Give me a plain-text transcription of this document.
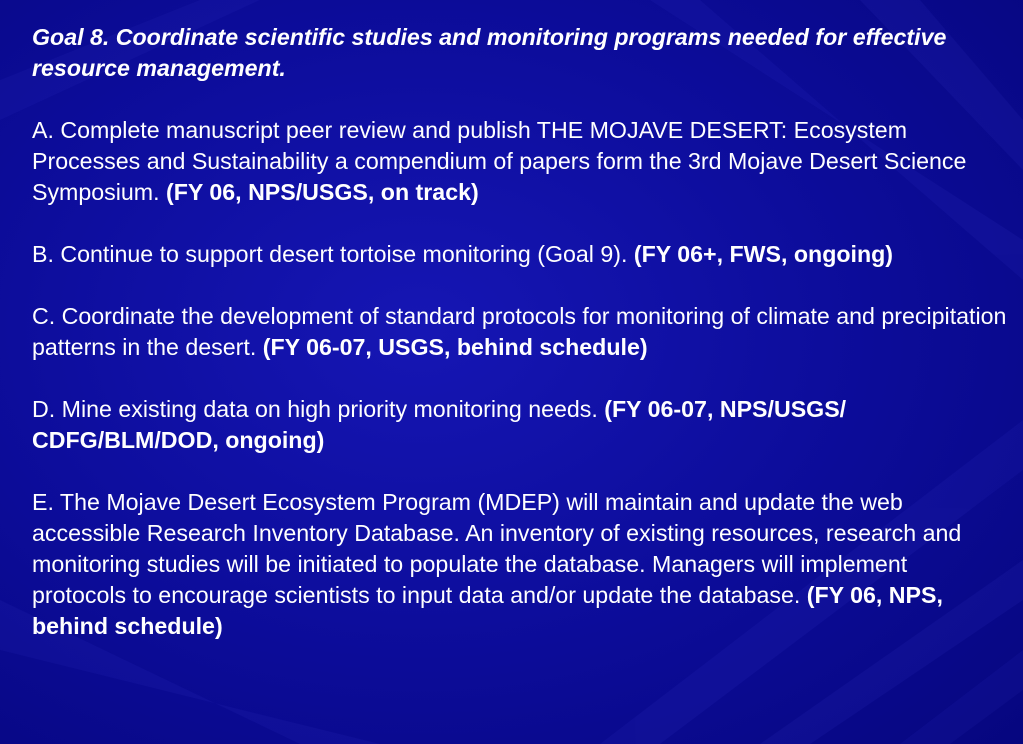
Goal 8. Coordinate scientific studies and monitoring programs needed for effective resource management.

A. Complete manuscript peer review and publish THE MOJAVE DESERT: Ecosystem Processes and Sustainability a compendium of papers form the 3rd Mojave Desert Science Symposium. (FY 06, NPS/USGS, on track)

B. Continue to support desert tortoise monitoring (Goal 9). (FY 06+, FWS, ongoing)

C. Coordinate the development of standard protocols for monitoring of climate and precipitation patterns in the desert. (FY 06-07, USGS, behind schedule)

D. Mine existing data on high priority monitoring needs. (FY 06-07, NPS/USGS/ CDFG/BLM/DOD, ongoing)

E. The Mojave Desert Ecosystem Program (MDEP) will maintain and update the web accessible Research Inventory Database. An inventory of existing resources, research and monitoring studies will be initiated to populate the database. Managers will implement protocols to encourage scientists to input data and/or update the database. (FY 06, NPS, behind schedule)
